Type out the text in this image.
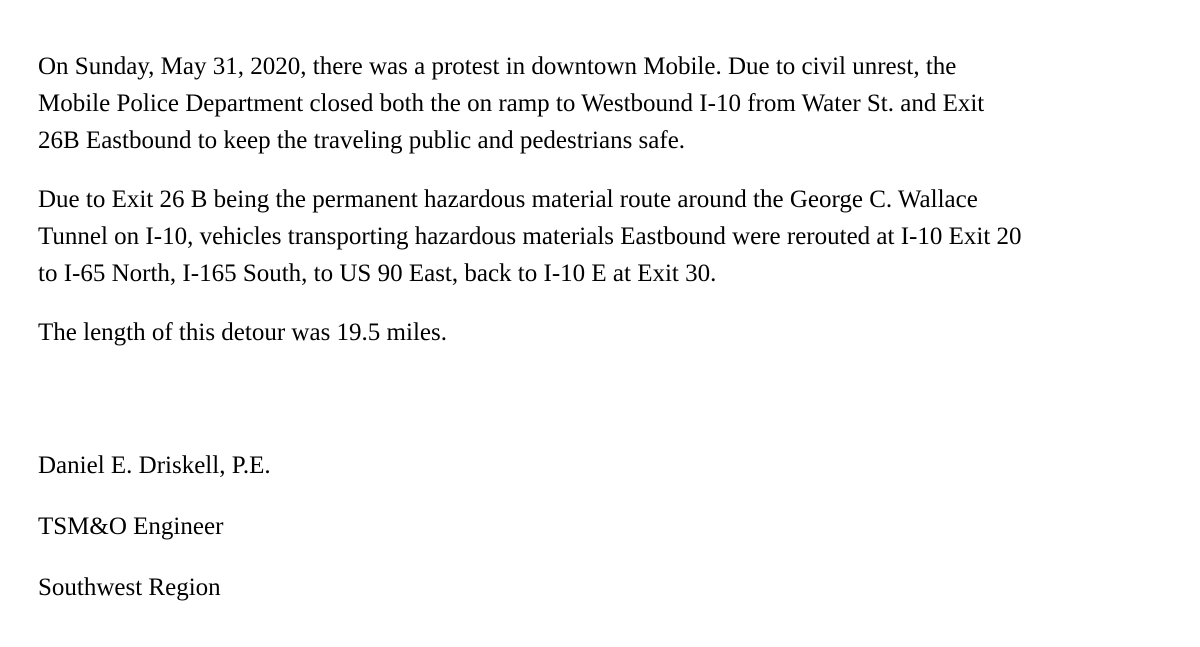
On Sunday, May 31, 2020, there was a protest in downtown Mobile. Due to civil unrest, the
Mobile Police Department closed both the on ramp to Westbound I-10 from Water St. and Exit
26B Eastbound to keep the traveling public and pedestrians safe.

Due to Exit 26 B being the permanent hazardous material route around the George C. Wallace
Tunnel on I-10, vehicles transporting hazardous materials Eastbound were rerouted at I-10 Exit 20
to I-65 North, I-165 South, to US 90 East, back to I-10 E at Exit 30.

The length of this detour was 19.5 miles.

Daniel E. Driskell, P.E.

TSM&O Engineer

Southwest Region
